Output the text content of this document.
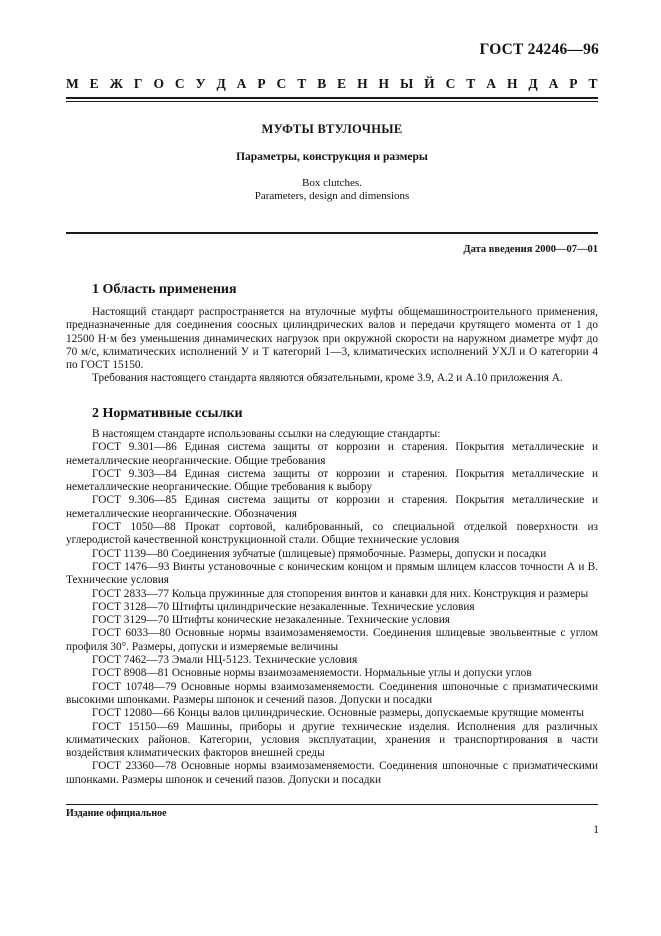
ГОСТ 24246—96
М Е Ж Г О С У Д А Р С Т В Е Н Н Ы Й С Т А Н Д А Р Т
МУФТЫ ВТУЛОЧНЫЕ
Параметры, конструкция и размеры
Box clutches.
Parameters, design and dimensions
Дата введения 2000—07—01
1 Область применения

Настоящий стандарт распространяется на втулочные муфты общемашиностроительного применения, предназначенные для соединения соосных цилиндрических валов и передачи крутящего момента от 1 до 12500 Н·м без уменьшения динамических нагрузок при окружной скорости на наружном диаметре муфт до 70 м/с, климатических исполнений У и Т категорий 1—3, климатических исполнений УХЛ и О категории 4 по ГОСТ 15150.

Требования настоящего стандарта являются обязательными, кроме 3.9, А.2 и А.10 приложения А.

2 Нормативные ссылки

В настоящем стандарте использованы ссылки на следующие стандарты:

ГОСТ 9.301—86 Единая система защиты от коррозии и старения. Покрытия металлические и неметаллические неорганические. Общие требования

ГОСТ 9.303—84 Единая система защиты от коррозии и старения. Покрытия металлические и неметаллические неорганические. Общие требования к выбору

ГОСТ 9.306—85 Единая система защиты от коррозии и старения. Покрытия металлические и неметаллические неорганические. Обозначения

ГОСТ 1050—88 Прокат сортовой, калиброванный, со специальной отделкой поверхности из углеродистой качественной конструкционной стали. Общие технические условия

ГОСТ 1139—80 Соединения зубчатые (шлицевые) прямобочные. Размеры, допуски и посадки

ГОСТ 1476—93 Винты установочные с коническим концом и прямым шлицем классов точности А и В. Технические условия

ГОСТ 2833—77 Кольца пружинные для стопорения винтов и канавки для них. Конструкция и размеры

ГОСТ 3128—70 Штифты цилиндрические незакаленные. Технические условия

ГОСТ 3129—70 Штифты конические незакаленные. Технические условия

ГОСТ 6033—80 Основные нормы взаимозаменяемости. Соединения шлицевые эвольвентные с углом профиля 30°. Размеры, допуски и измеряемые величины

ГОСТ 7462—73 Эмали НЦ-5123. Технические условия

ГОСТ 8908—81 Основные нормы взаимозаменяемости. Нормальные углы и допуски углов

ГОСТ 10748—79 Основные нормы взаимозаменяемости. Соединения шпоночные с призматическими высокими шпонками. Размеры шпонок и сечений пазов. Допуски и посадки

ГОСТ 12080—66 Концы валов цилиндрические. Основные размеры, допускаемые крутящие моменты

ГОСТ 15150—69 Машины, приборы и другие технические изделия. Исполнения для различных климатических районов. Категории, условия эксплуатации, хранения и транспортирования в части воздействия климатических факторов внешней среды

ГОСТ 23360—78 Основные нормы взаимозаменяемости. Соединения шпоночные с призматическими шпонками. Размеры шпонок и сечений пазов. Допуски и посадки

Издание официальное
1
